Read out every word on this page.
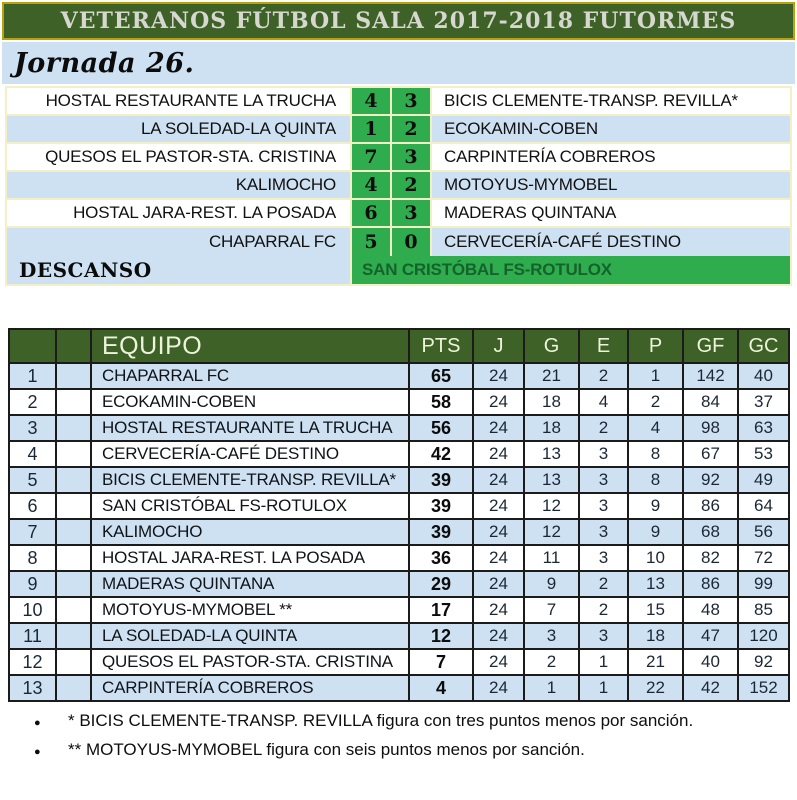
VETERANOS FÚTBOL SALA 2017-2018 FUTORMES
Jornada 26.
HOSTAL RESTAURANTE LA TRUCHA	4	3	BICIS CLEMENTE-TRANSP. REVILLA*
LA SOLEDAD-LA QUINTA	1	2	ECOKAMIN-COBEN
QUESOS EL PASTOR-STA. CRISTINA	7	3	CARPINTERÍA COBREROS
KALIMOCHO	4	2	MOTOYUS-MYMOBEL
HOSTAL JARA-REST. LA POSADA	6	3	MADERAS QUINTANA
CHAPARRAL FC	5	0	CERVECERÍA-CAFÉ DESTINO
DESCANSO	SAN CRISTÓBAL FS-ROTULOX
		EQUIPO	PTS	J	G	E	P	GF	GC
1		CHAPARRAL FC	65	24	21	2	1	142	40
2		ECOKAMIN-COBEN	58	24	18	4	2	84	37
3		HOSTAL RESTAURANTE LA TRUCHA	56	24	18	2	4	98	63
4		CERVECERÍA-CAFÉ DESTINO	42	24	13	3	8	67	53
5		BICIS CLEMENTE-TRANSP. REVILLA*	39	24	13	3	8	92	49
6		SAN CRISTÓBAL FS-ROTULOX	39	24	12	3	9	86	64
7		KALIMOCHO	39	24	12	3	9	68	56
8		HOSTAL JARA-REST. LA POSADA	36	24	11	3	10	82	72
9		MADERAS QUINTANA	29	24	9	2	13	86	99
10		MOTOYUS-MYMOBEL **	17	24	7	2	15	48	85
11		LA SOLEDAD-LA QUINTA	12	24	3	3	18	47	120
12		QUESOS EL PASTOR-STA. CRISTINA	7	24	2	1	21	40	92
13		CARPINTERÍA COBREROS	4	24	1	1	22	42	152
●	* BICIS CLEMENTE-TRANSP. REVILLA figura con tres puntos menos por sanción.
●	** MOTOYUS-MYMOBEL figura con seis puntos menos por sanción.
